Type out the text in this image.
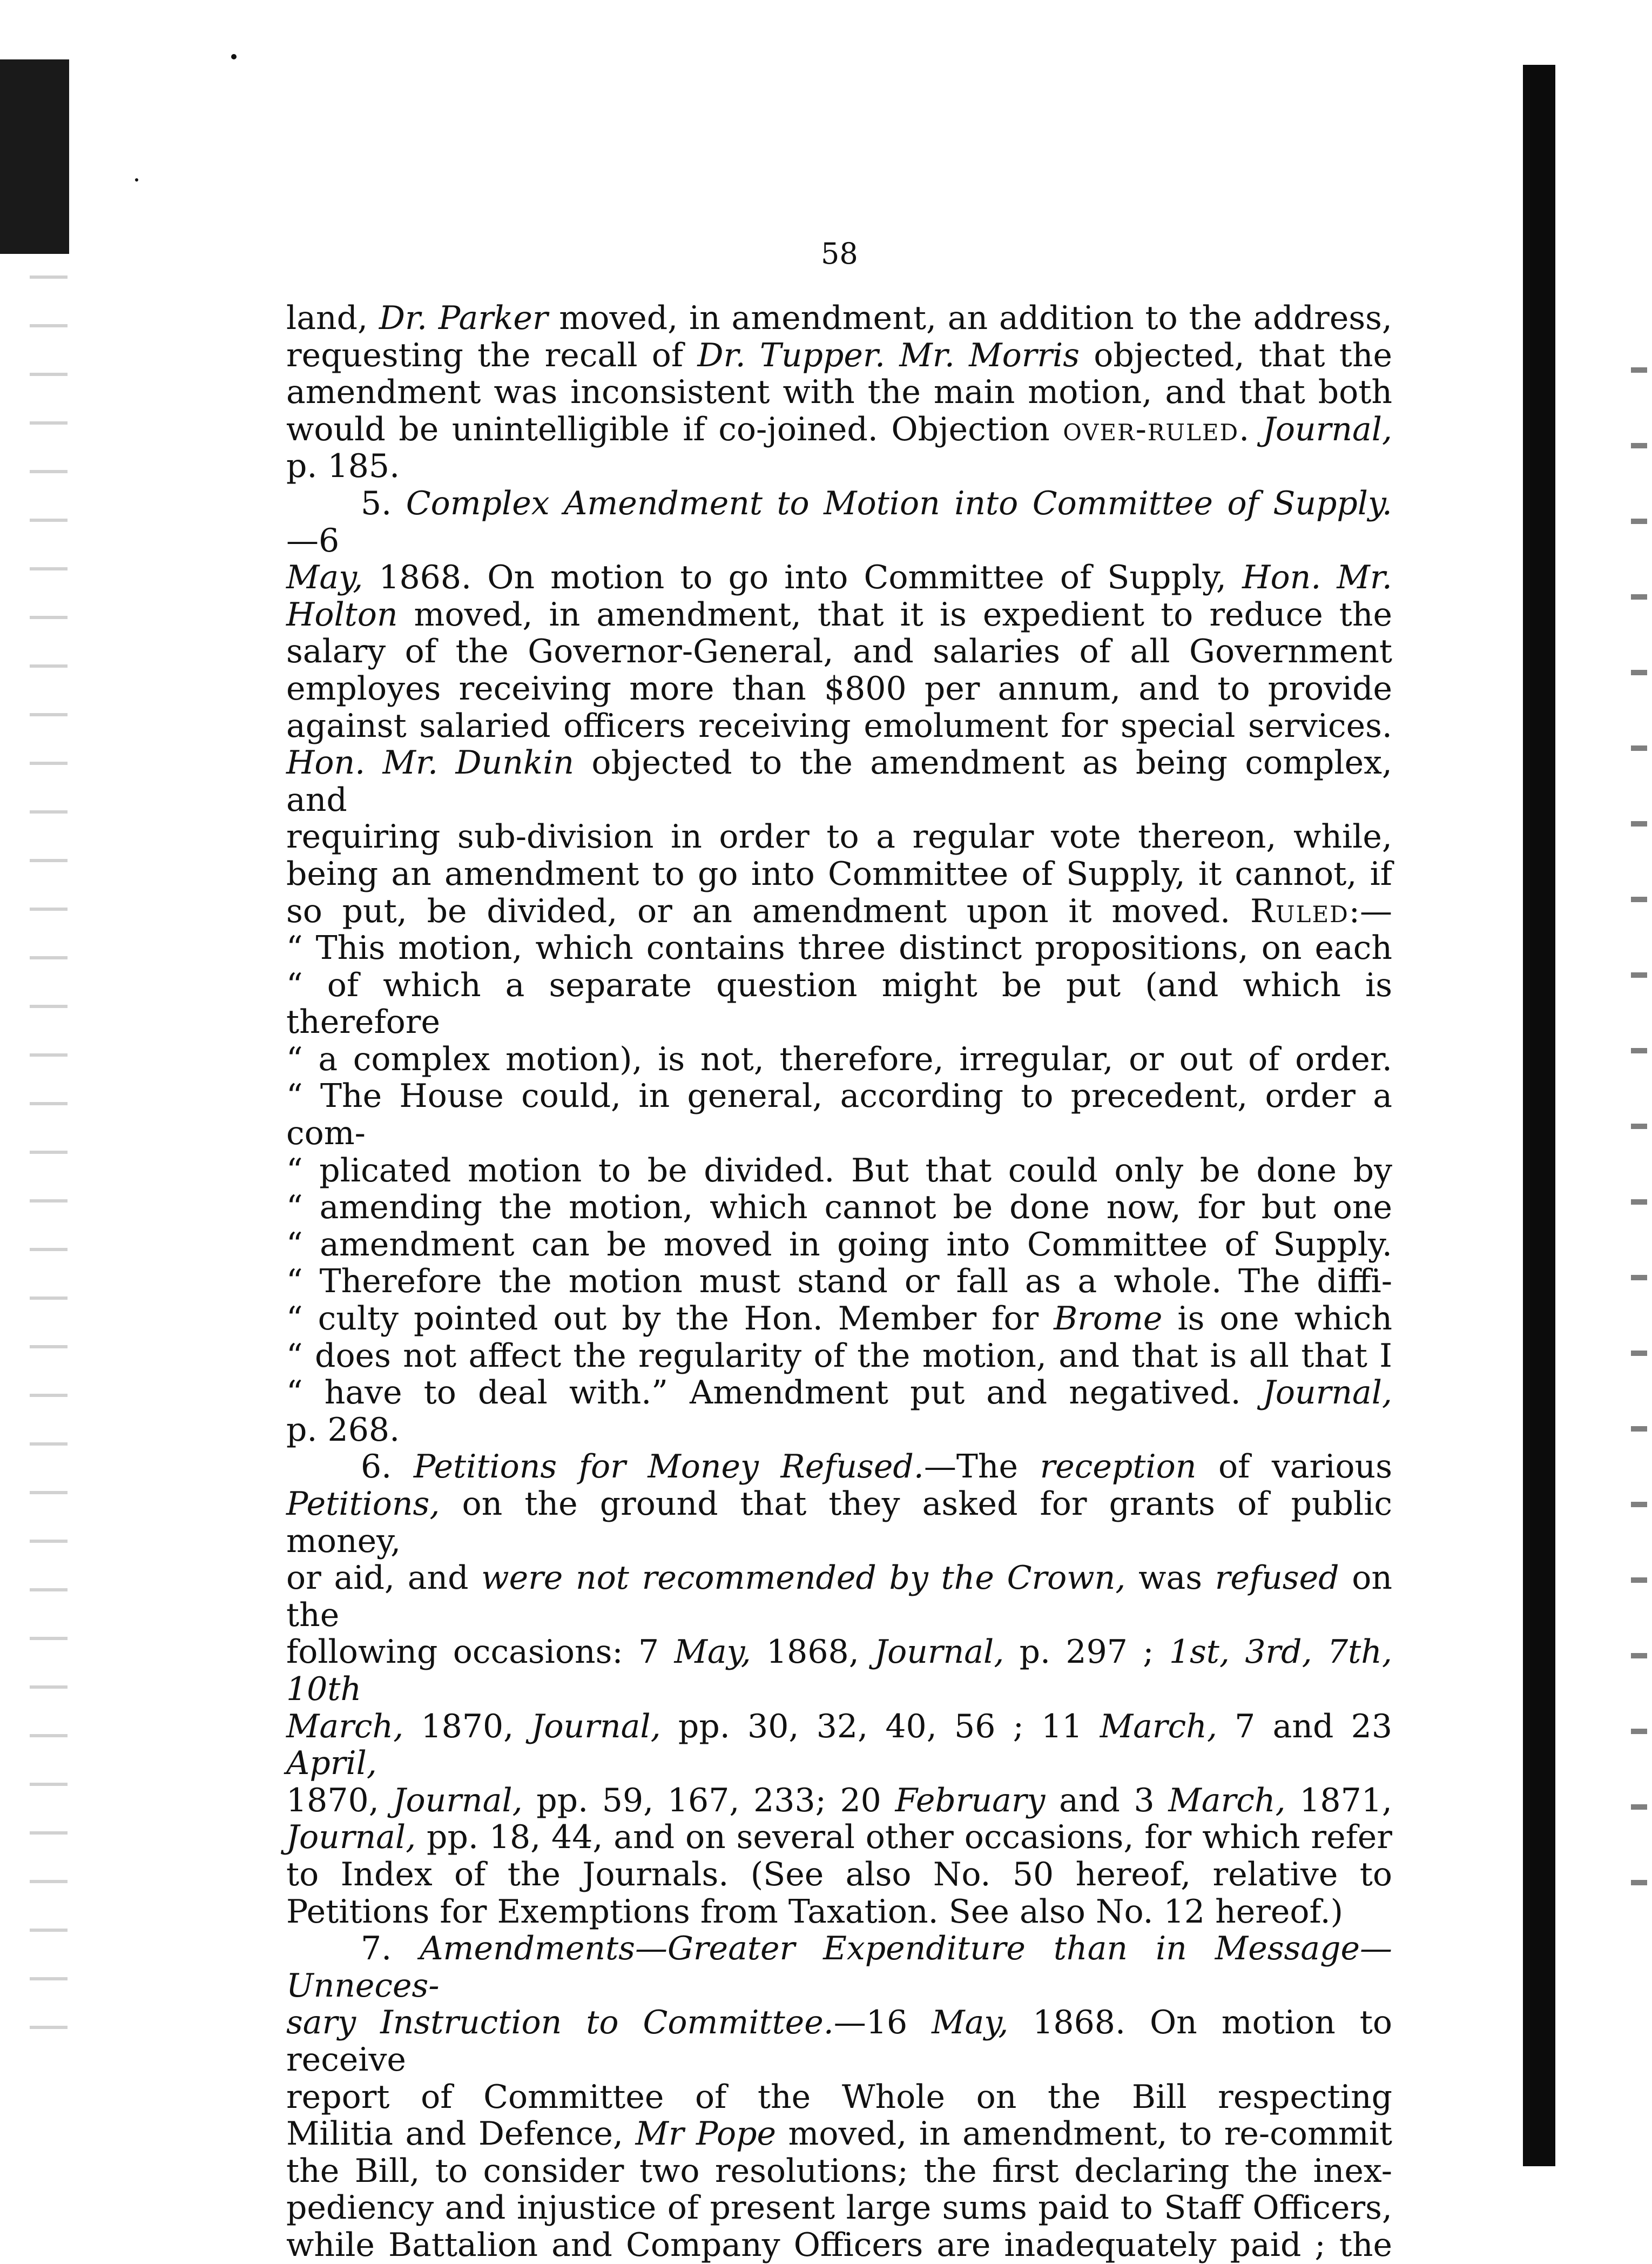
58
land, Dr. Parker moved, in amendment, an addition to the address,
requesting the recall of Dr. Tupper. Mr. Morris objected, that the
amendment was inconsistent with the main motion, and that both
would be unintelligible if co-joined. Objection over-ruled. Journal,
p. 185.
5. Complex Amendment to Motion into Committee of Supply.—6
May, 1868. On motion to go into Committee of Supply, Hon. Mr.
Holton moved, in amendment, that it is expedient to reduce the
salary of the Governor-General, and salaries of all Government
employes receiving more than $800 per annum, and to provide
against salaried officers receiving emolument for special services.
Hon. Mr. Dunkin objected to the amendment as being complex, and
requiring sub-division in order to a regular vote thereon, while,
being an amendment to go into Committee of Supply, it cannot, if
so put, be divided, or an amendment upon it moved. Ruled:—
“ This motion, which contains three distinct propositions, on each
“ of which a separate question might be put (and which is therefore
“ a complex motion), is not, therefore, irregular, or out of order.
“ The House could, in general, according to precedent, order a com-
“ plicated motion to be divided. But that could only be done by
“ amending the motion, which cannot be done now, for but one
“ amendment can be moved in going into Committee of Supply.
“ Therefore the motion must stand or fall as a whole. The diffi-
“ culty pointed out by the Hon. Member for Brome is one which
“ does not affect the regularity of the motion, and that is all that I
“ have to deal with.” Amendment put and negatived. Journal,
p. 268.
6. Petitions for Money Refused.—The reception of various
Petitions, on the ground that they asked for grants of public money,
or aid, and were not recommended by the Crown, was refused on the
following occasions: 7 May, 1868, Journal, p. 297 ; 1st, 3rd, 7th, 10th
March, 1870, Journal, pp. 30, 32, 40, 56 ; 11 March, 7 and 23 April,
1870, Journal, pp. 59, 167, 233; 20 February and 3 March, 1871,
Journal, pp. 18, 44, and on several other occasions, for which refer
to Index of the Journals. (See also No. 50 hereof, relative to
Petitions for Exemptions from Taxation. See also No. 12 hereof.)
7. Amendments—Greater Expenditure than in Message—Unneces-
sary Instruction to Committee.—16 May, 1868. On motion to receive
report of Committee of the Whole on the Bill respecting
Militia and Defence, Mr Pope moved, in amendment, to re-commit
the Bill, to consider two resolutions; the first declaring the inex-
pediency and injustice of present large sums paid to Staff Officers,
while Battalion and Company Officers are inadequately paid ; the
